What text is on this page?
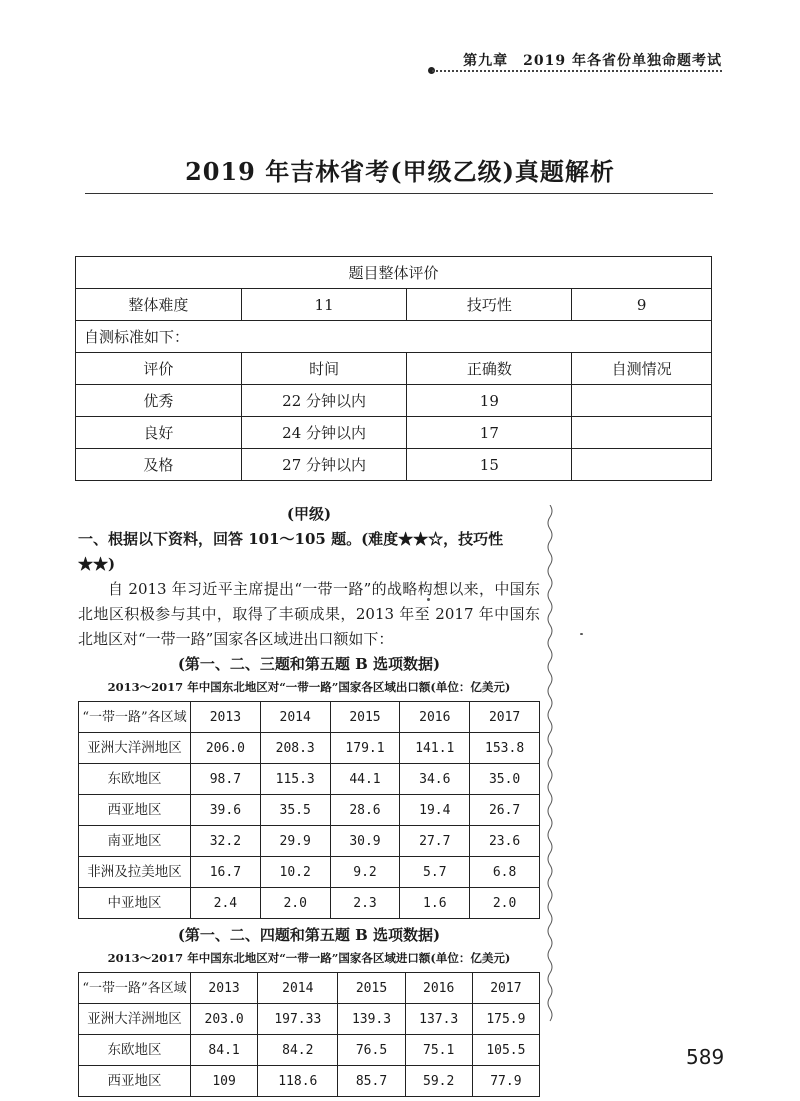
第九章　2019 年各省份单独命题考试
2019 年吉林省考(甲级乙级)真题解析
题目整体评价			
整体难度	11	技巧性	9
自测标准如下：			
评价	时间	正确数	自测情况
优秀	22 分钟以内	19	
良好	24 分钟以内	17	
及格	27 分钟以内	15	
(甲级)
一、根据以下资料，回答 101～105 题。(难度★★☆，技巧性★★)

自 2013 年习近平主席提出“一带一路”的战略构想以来，中国东北地区积极参与其中，取得了丰硕成果，2013 年至 2017 年中国东北地区对“一带一路”国家各区域进出口额如下：

(第一、二、三题和第五题 B 选项数据)
2013～2017 年中国东北地区对“一带一路”国家各区域出口额(单位：亿美元)
“一带一路”各区域	2013	2014	2015	2016	2017
亚洲大洋洲地区	206.0	208.3	179.1	141.1	153.8
东欧地区	98.7	115.3	44.1	34.6	35.0
西亚地区	39.6	35.5	28.6	19.4	26.7
南亚地区	32.2	29.9	30.9	27.7	23.6
非洲及拉美地区	16.7	10.2	9.2	5.7	6.8
中亚地区	2.4	2.0	2.3	1.6	2.0
(第一、二、四题和第五题 B 选项数据)
2013～2017 年中国东北地区对“一带一路”国家各区域进口额(单位：亿美元)
“一带一路”各区域	2013	2014	2015	2016	2017
亚洲大洋洲地区	203.0	197.33	139.3	137.3	175.9
东欧地区	84.1	84.2	76.5	75.1	105.5
西亚地区	109	118.6	85.7	59.2	77.9
589
